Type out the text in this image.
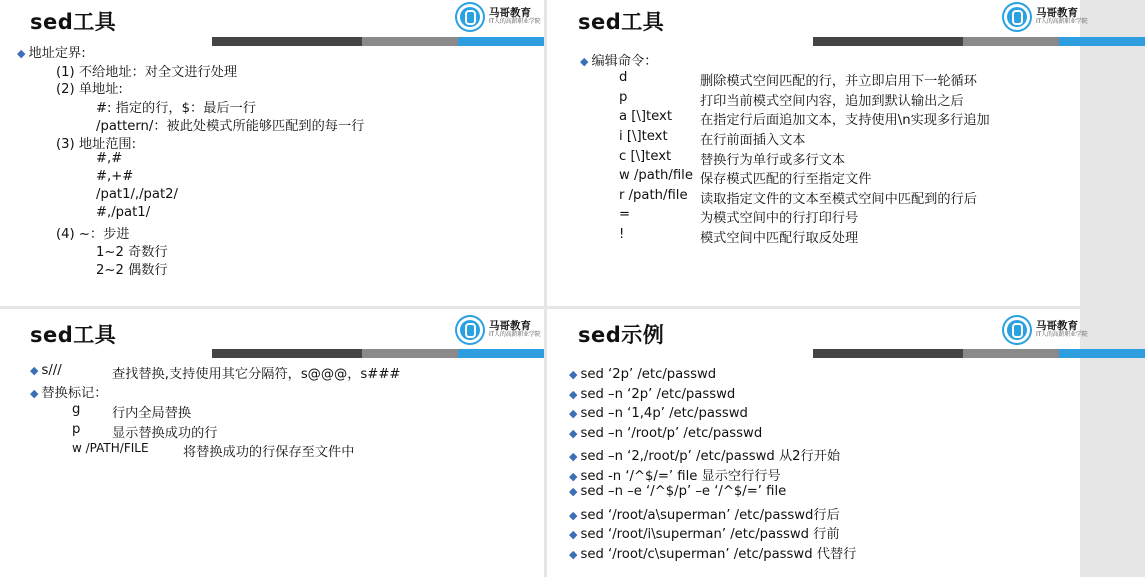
sed工具	马哥教育
IT人的高薪职业学院
◆ 地址定界:
(1) 不给地址：对全文进行处理
(2) 单地址:
#: 指定的行，$：最后一行
/pattern/：被此处模式所能够匹配到的每一行
(3) 地址范围:
#,#
#,+#
/pat1/,/pat2/
#,/pat1/
(4) ~：步进
1~2 奇数行
2~2 偶数行
sed工具	马哥教育
IT人的高薪职业学院
◆ 编辑命令：
d	删除模式空间匹配的行，并立即启用下一轮循环
p	打印当前模式空间内容，追加到默认输出之后
a [\]text 在指定行后面追加文本，支持使用\n实现多行追加
i [\]text 在行前面插入文本
c [\]text 替换行为单行或多行文本
w /path/file 保存模式匹配的行至指定文件
r /path/file 读取指定文件的文本至模式空间中匹配到的行后
=	为模式空间中的行打印行号
!	模式空间中匹配行取反处理
sed工具	马哥教育
IT人的高薪职业学院
◆ s///	查找替换,支持使用其它分隔符，s@@@，s###
◆ 替换标记：
g 行内全局替换
p 显示替换成功的行
w /PATH/FILE	将替换成功的行保存至文件中
sed示例	马哥教育
IT人的高薪职业学院
◆ sed ‘2p’ /etc/passwd
◆ sed –n ‘2p’ /etc/passwd
◆ sed –n ‘1,4p’ /etc/passwd
◆ sed –n ‘/root/p’ /etc/passwd
◆ sed –n ‘2,/root/p’ /etc/passwd 从2行开始
◆ sed -n ‘/^$/=’ file 显示空行行号
◆ sed –n –e ‘/^$/p’ –e ‘/^$/=’ file
◆ sed ‘/root/a\superman’ /etc/passwd行后
◆ sed ‘/root/i\superman’ /etc/passwd 行前
◆ sed ‘/root/c\superman’ /etc/passwd 代替行
